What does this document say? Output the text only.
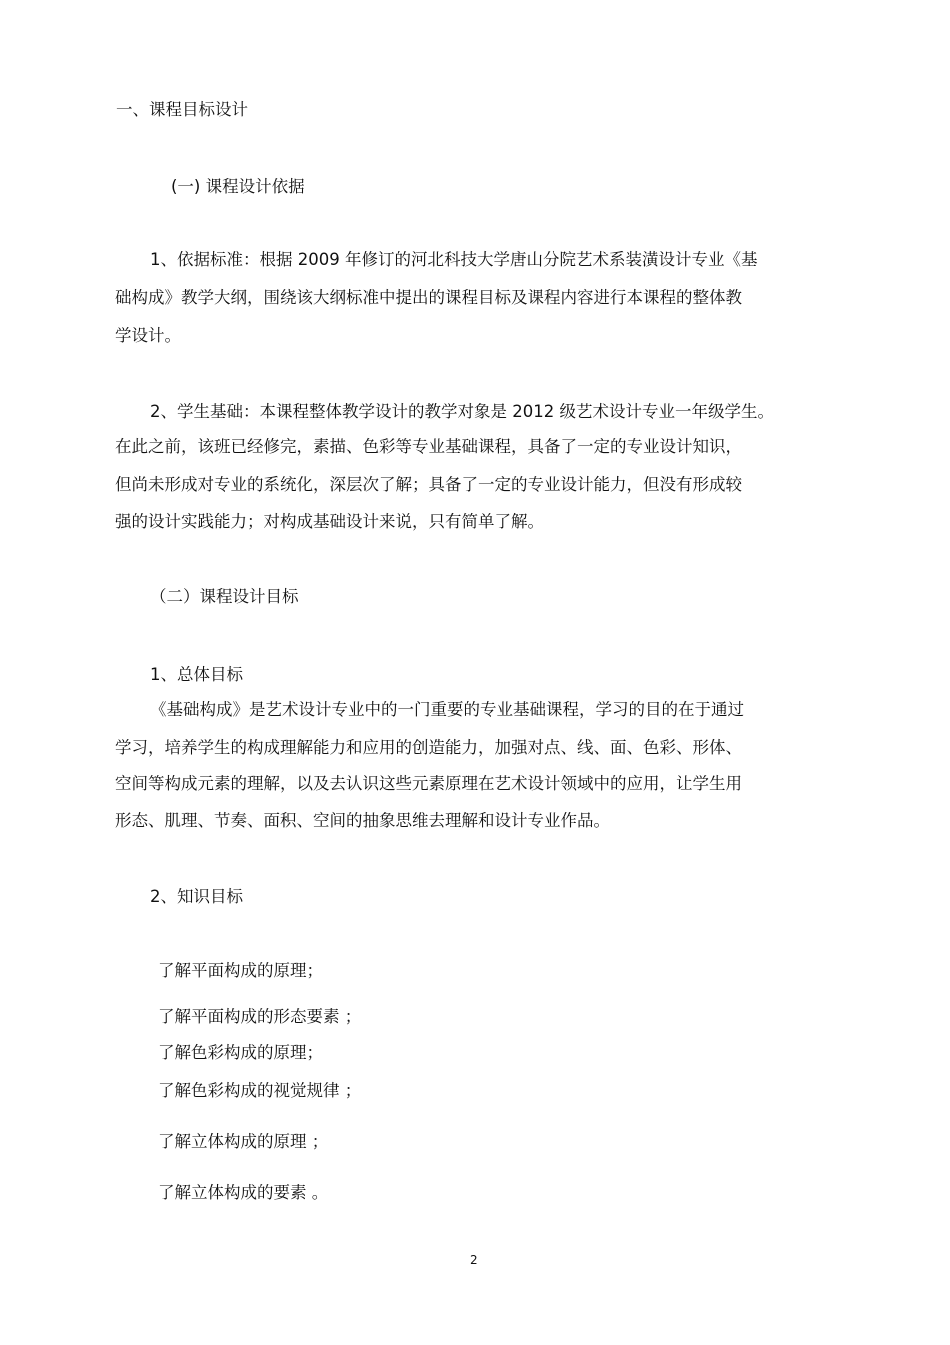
一、课程目标设计
(一) 课程设计依据
1、依据标准：根据 2009 年修订的河北科技大学唐山分院艺术系装潢设计专业《基
础构成》教学大纲，围绕该大纲标准中提出的课程目标及课程内容进行本课程的整体教
学设计。
2、学生基础：本课程整体教学设计的教学对象是 2012 级艺术设计专业一年级学生。
在此之前，该班已经修完，素描、色彩等专业基础课程，具备了一定的专业设计知识，
但尚未形成对专业的系统化，深层次了解；具备了一定的专业设计能力，但没有形成较
强的设计实践能力；对构成基础设计来说，只有简单了解。
（二）课程设计目标
1、总体目标
《基础构成》是艺术设计专业中的一门重要的专业基础课程，学习的目的在于通过
学习，培养学生的构成理解能力和应用的创造能力，加强对点、线、面、色彩、形体、
空间等构成元素的理解，以及去认识这些元素原理在艺术设计领域中的应用，让学生用
形态、肌理、节奏、面积、空间的抽象思维去理解和设计专业作品。
2、知识目标
了解平面构成的原理；
了解平面构成的形态要素 ；
了解色彩构成的原理；
了解色彩构成的视觉规律 ；
了解立体构成的原理 ；
了解立体构成的要素 。
2
